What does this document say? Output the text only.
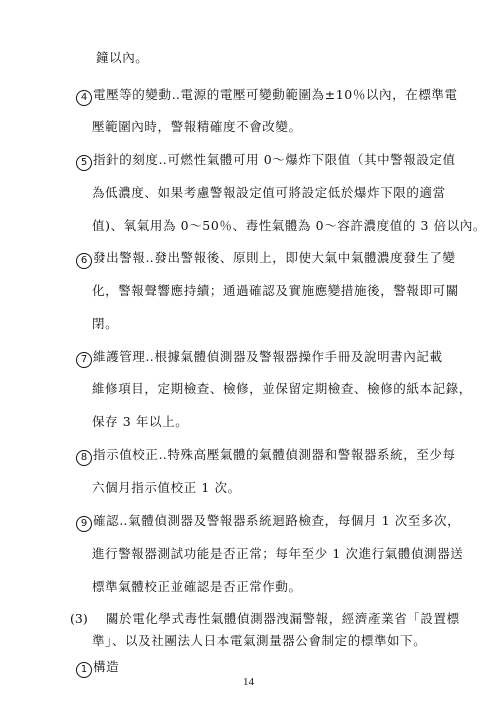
鐘以內。
4 電壓等的變動‥電源的電壓可變動範圍為±10％以內，在標準電
壓範圍內時，警報精確度不會改變。
5 指針的刻度‥可燃性氣體可用 0～爆炸下限值（其中警報設定值
為低濃度、如果考慮警報設定值可將設定低於爆炸下限的適當
值)、氧氣用為 0～50％、毒性氣體為 0～容許濃度值的 3 倍以內。
6 發出警報‥發出警報後、原則上，即使大氣中氣體濃度發生了變
化，警報聲響應持續；通過確認及實施應變措施後，警報即可關
閉。
7 維護管理‥根據氣體偵測器及警報器操作手冊及說明書內記載
維修項目，定期檢查、檢修，並保留定期檢查、檢修的紙本記錄，
保存 3 年以上。
8 指示值校正‥特殊高壓氣體的氣體偵測器和警報器系統，至少每
六個月指示值校正 1 次。
9 確認‥氣體偵測器及警報器系統迴路檢查，每個月 1 次至多次，
進行警報器測試功能是否正常；每年至少 1 次進行氣體偵測器送
標準氣體校正並確認是否正常作動。
(3) 關於電化學式毒性氣體偵測器洩漏警報，經濟產業省「設置標
準」、以及社團法人日本電氣測量器公會制定的標準如下。
1 構造
14
